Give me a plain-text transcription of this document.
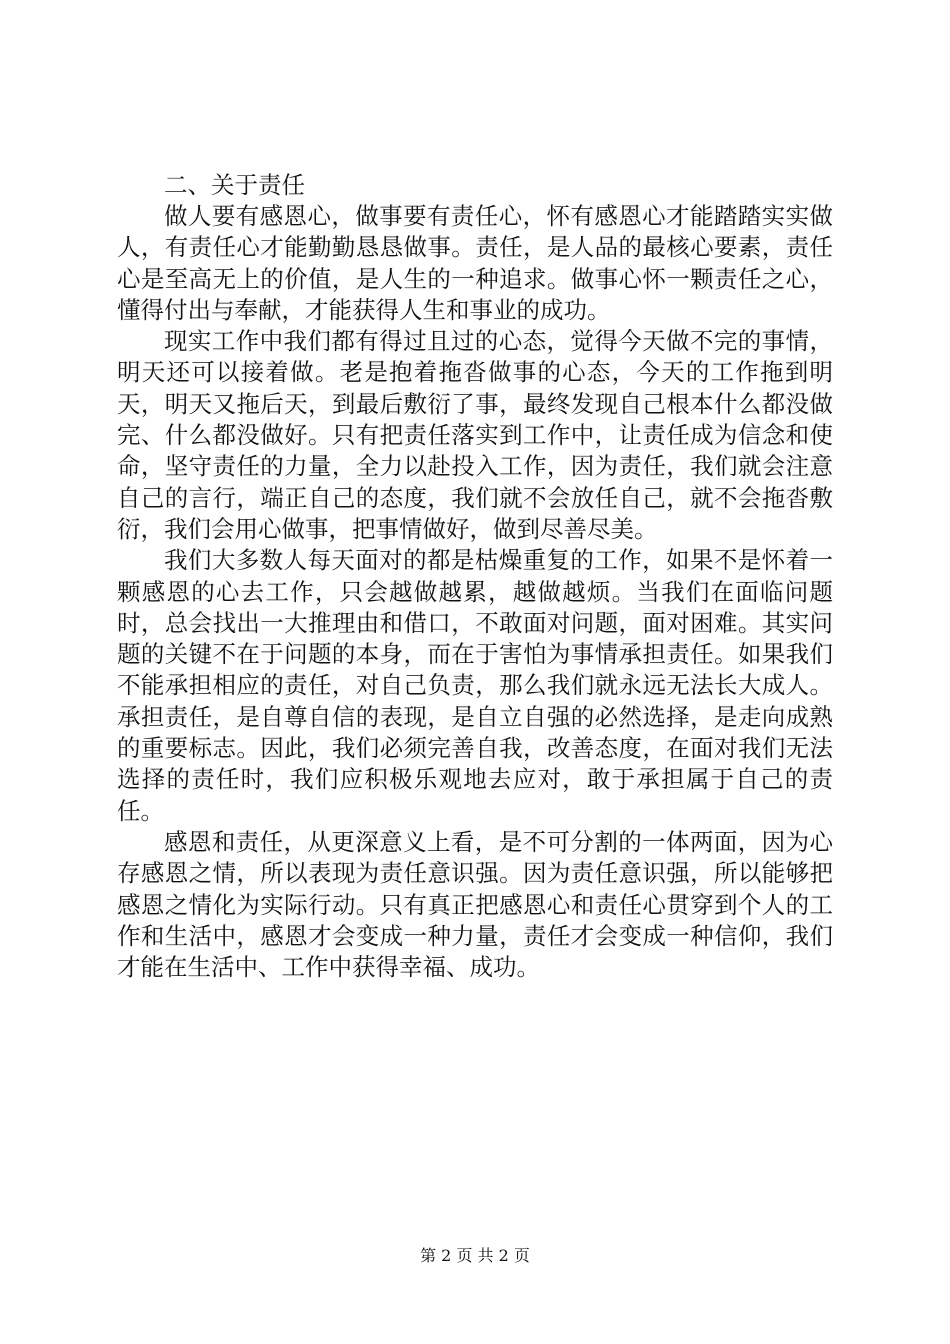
二、关于责任

做人要有感恩心，做事要有责任心，怀有感恩心才能踏踏实实做人，有责任心才能勤勤恳恳做事。责任，是人品的最核心要素，责任心是至高无上的价值，是人生的一种追求。做事心怀一颗责任之心，懂得付出与奉献，才能获得人生和事业的成功。

现实工作中我们都有得过且过的心态，觉得今天做不完的事情，明天还可以接着做。老是抱着拖沓做事的心态，今天的工作拖到明天，明天又拖后天，到最后敷衍了事，最终发现自己根本什么都没做完、什么都没做好。只有把责任落实到工作中，让责任成为信念和使命，坚守责任的力量，全力以赴投入工作，因为责任，我们就会注意自己的言行，端正自己的态度，我们就不会放任自己，就不会拖沓敷衍，我们会用心做事，把事情做好，做到尽善尽美。

我们大多数人每天面对的都是枯燥重复的工作，如果不是怀着一颗感恩的心去工作，只会越做越累，越做越烦。当我们在面临问题时，总会找出一大推理由和借口，不敢面对问题，面对困难。其实问题的关键不在于问题的本身，而在于害怕为事情承担责任。如果我们不能承担相应的责任，对自己负责，那么我们就永远无法长大成人。承担责任，是自尊自信的表现，是自立自强的必然选择，是走向成熟的重要标志。因此，我们必须完善自我，改善态度，在面对我们无法选择的责任时，我们应积极乐观地去应对，敢于承担属于自己的责任。

感恩和责任，从更深意义上看，是不可分割的一体两面，因为心存感恩之情，所以表现为责任意识强。因为责任意识强，所以能够把感恩之情化为实际行动。只有真正把感恩心和责任心贯穿到个人的工作和生活中，感恩才会变成一种力量，责任才会变成一种信仰，我们才能在生活中、工作中获得幸福、成功。

第 2 页 共 2 页
